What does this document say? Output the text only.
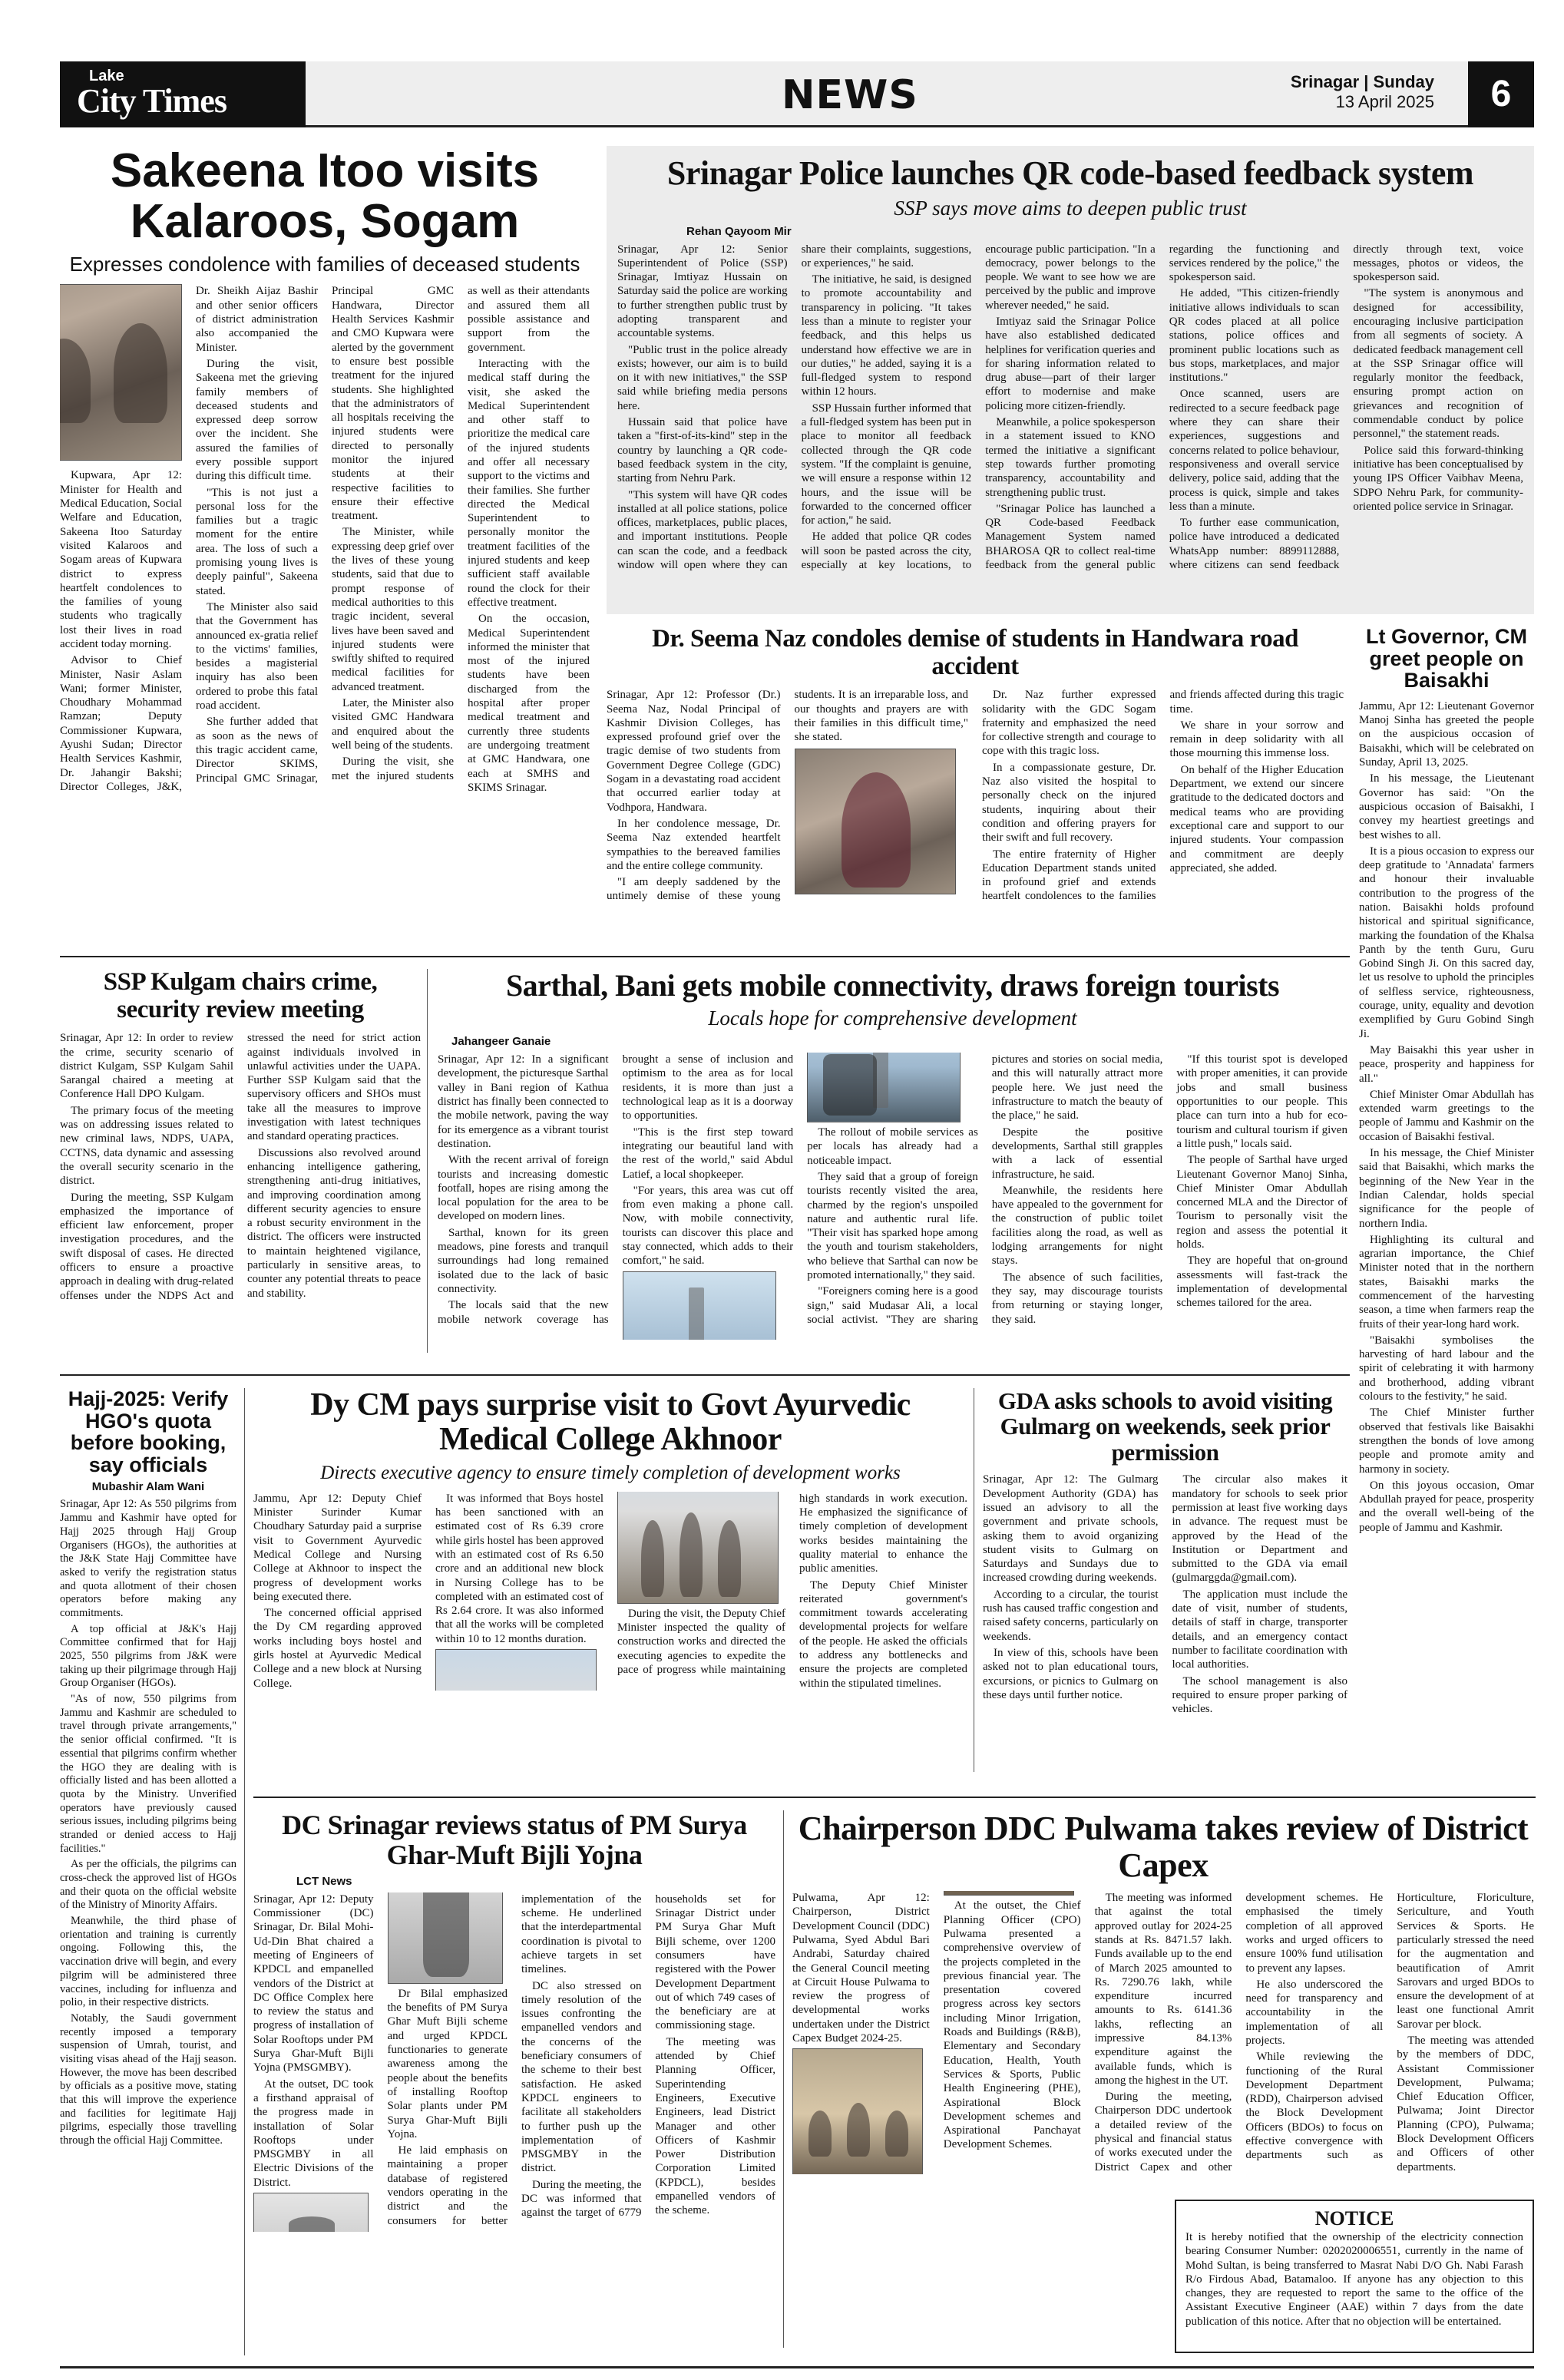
Lake
City Times	NEWS	Srinagar | Sunday
13 April 2025	6
Sakeena Itoo visits Kalaroos, Sogam
Expresses condolence with families of deceased students

Kupwara, Apr 12: Minister for Health and Medical Education, Social Welfare and Education, Sakeena Itoo Saturday visited Kalaroos and Sogam areas of Kupwara district to express heartfelt condolences to the families of young students who tragically lost their lives in road accident today morning.

Advisor to Chief Minister, Nasir Aslam Wani; former Minister, Choudhary Mohammad Ramzan; Deputy Commissioner Kupwara, Ayushi Sudan; Director Health Services Kashmir, Dr. Jahangir Bakshi; Director Colleges, J&K, Dr. Sheikh Aijaz Bashir and other senior officers of district administration also accompanied the Minister.

During the visit, Sakeena met the grieving family members of deceased students and expressed deep sorrow over the incident. She assured the families of every possible support during this difficult time.

"This is not just a personal loss for the families but a tragic moment for the entire area. The loss of such a promising young lives is deeply painful", Sakeena stated.

The Minister also said that the Government has announced ex-gratia relief to the victims' families, besides a magisterial inquiry has also been ordered to probe this fatal road accident.

She further added that as soon as the news of this tragic accident came, Director SKIMS, Principal GMC Srinagar, Principal GMC Handwara, Director Health Services Kashmir and CMO Kupwara were alerted by the government to ensure best possible treatment for the injured students. She highlighted that the administrators of all hospitals receiving the injured students were directed to personally monitor the injured students at their respective facilities to ensure their effective treatment.

The Minister, while expressing deep grief over the lives of these young students, said that due to prompt response of medical authorities to this tragic incident, several lives have been saved and injured students were swiftly shifted to required medical facilities for advanced treatment.

Later, the Minister also visited GMC Handwara and enquired about the well being of the students.

During the visit, she met the injured students as well as their attendants and assured them all possible assistance and support from the government.

Interacting with the medical staff during the visit, she asked the Medical Superintendent and other staff to prioritize the medical care of the injured students and offer all necessary support to the victims and their families. She further directed the Medical Superintendent to personally monitor the treatment facilities of the injured students and keep sufficient staff available round the clock for their effective treatment.

On the occasion, Medical Superintendent informed the minister that most of the injured students have been discharged from the hospital after proper medical treatment and currently three students are undergoing treatment at GMC Handwara, one each at SMHS and SKIMS Srinagar.

Srinagar Police launches QR code-based feedback system
SSP says move aims to deepen public trust
Rehan Qayoom Mir

Srinagar, Apr 12: Senior Superintendent of Police (SSP) Srinagar, Imtiyaz Hussain on Saturday said the police are working to further strengthen public trust by adopting transparent and accountable systems.

"Public trust in the police already exists; however, our aim is to build on it with new initiatives," the SSP said while briefing media persons here.

Hussain said that police have taken a "first-of-its-kind" step in the country by launching a QR code-based feedback system in the city, starting from Nehru Park.

"This system will have QR codes installed at all police stations, police offices, marketplaces, public places, and important institutions. People can scan the code, and a feedback window will open where they can share their complaints, suggestions, or experiences," he said.

The initiative, he said, is designed to promote accountability and transparency in policing. "It takes less than a minute to register your feedback, and this helps us understand how effective we are in our duties," he added, saying it is a full-fledged system to respond within 12 hours.

SSP Hussain further informed that a full-fledged system has been put in place to monitor all feedback collected through the QR code system. "If the complaint is genuine, we will ensure a response within 12 hours, and the issue will be forwarded to the concerned officer for action," he said.

He added that police QR codes will soon be pasted across the city, especially at key locations, to encourage public participation. "In a democracy, power belongs to the people. We want to see how we are perceived by the public and improve wherever needed," he said.

Imtiyaz said the Srinagar Police have also established dedicated helplines for verification queries and for sharing information related to drug abuse—part of their larger effort to modernise and make policing more citizen-friendly.

Meanwhile, a police spokesperson in a statement issued to KNO termed the initiative a significant step towards further promoting transparency, accountability and strengthening public trust.

"Srinagar Police has launched a QR Code-based Feedback Management System named BHAROSA QR to collect real-time feedback from the general public regarding the functioning and services rendered by the police," the spokesperson said.

He added, "This citizen-friendly initiative allows individuals to scan QR codes placed at all police stations, police offices and prominent public locations such as bus stops, marketplaces, and major institutions."

Once scanned, users are redirected to a secure feedback page where they can share their experiences, suggestions and concerns related to police behaviour, responsiveness and overall service delivery, police said, adding that the process is quick, simple and takes less than a minute.

To further ease communication, police have introduced a dedicated WhatsApp number: 8899112888, where citizens can send feedback directly through text, voice messages, photos or videos, the spokesperson said.

"The system is anonymous and designed for accessibility, encouraging inclusive participation from all segments of society. A dedicated feedback management cell at the SSP Srinagar office will regularly monitor the feedback, ensuring prompt action on grievances and recognition of commendable conduct by police personnel," the statement reads.

Police said this forward-thinking initiative has been conceptualised by young IPS Officer Vaibhav Meena, SDPO Nehru Park, for community-oriented police service in Srinagar.

Dr. Seema Naz condoles demise of students in Handwara road accident

Srinagar, Apr 12: Professor (Dr.) Seema Naz, Nodal Principal of Kashmir Division Colleges, has expressed profound grief over the tragic demise of two students from Government Degree College (GDC) Sogam in a devastating road accident that occurred earlier today at Vodhpora, Handwara.

In her condolence message, Dr. Seema Naz extended heartfelt sympathies to the bereaved families and the entire college community.

"I am deeply saddened by the untimely demise of these young students. It is an irreparable loss, and our thoughts and prayers are with their families in this difficult time," she stated.

Dr. Naz further expressed solidarity with the GDC Sogam fraternity and emphasized the need for collective strength and courage to cope with this tragic loss.

In a compassionate gesture, Dr. Naz also visited the hospital to personally check on the injured students, inquiring about their condition and offering prayers for their swift and full recovery.

The entire fraternity of Higher Education Department stands united in profound grief and extends heartfelt condolences to the families and friends affected during this tragic time.

We share in your sorrow and remain in deep solidarity with all those mourning this immense loss.

On behalf of the Higher Education Department, we extend our sincere gratitude to the dedicated doctors and medical teams who are providing exceptional care and support to our injured students. Your compassion and commitment are deeply appreciated, she added.

Lt Governor, CM greet people on Baisakhi

Jammu, Apr 12: Lieutenant Governor Manoj Sinha has greeted the people on the auspicious occasion of Baisakhi, which will be celebrated on Sunday, April 13, 2025.

In his message, the Lieutenant Governor has said: "On the auspicious occasion of Baisakhi, I convey my heartiest greetings and best wishes to all.

It is a pious occasion to express our deep gratitude to 'Annadata' farmers and honour their invaluable contribution to the progress of the nation. Baisakhi holds profound historical and spiritual significance, marking the foundation of the Khalsa Panth by the tenth Guru, Guru Gobind Singh Ji. On this sacred day, let us resolve to uphold the principles of selfless service, righteousness, courage, unity, equality and devotion exemplified by Guru Gobind Singh Ji.

May Baisakhi this year usher in peace, prosperity and happiness for all."

Chief Minister Omar Abdullah has extended warm greetings to the people of Jammu and Kashmir on the occasion of Baisakhi festival.

In his message, the Chief Minister said that Baisakhi, which marks the beginning of the New Year in the Indian Calendar, holds special significance for the people of northern India.

Highlighting its cultural and agrarian importance, the Chief Minister noted that in the northern states, Baisakhi marks the commencement of the harvesting season, a time when farmers reap the fruits of their year-long hard work.

"Baisakhi symbolises the harvesting of hard labour and the spirit of celebrating it with harmony and brotherhood, adding vibrant colours to the festivity," he said.

The Chief Minister further observed that festivals like Baisakhi strengthen the bonds of love among people and promote amity and harmony in society.

On this joyous occasion, Omar Abdullah prayed for peace, prosperity and the overall well-being of the people of Jammu and Kashmir.

SSP Kulgam chairs crime, security review meeting

Srinagar, Apr 12: In order to review the crime, security scenario of district Kulgam, SSP Kulgam Sahil Sarangal chaired a meeting at Conference Hall DPO Kulgam.

The primary focus of the meeting was on addressing issues related to new criminal laws, NDPS, UAPA, CCTNS, data dynamic and assessing the overall security scenario in the district.

During the meeting, SSP Kulgam emphasized the importance of efficient law enforcement, proper investigation procedures, and the swift disposal of cases. He directed officers to ensure a proactive approach in dealing with drug-related offenses under the NDPS Act and stressed the need for strict action against individuals involved in unlawful activities under the UAPA. Further SSP Kulgam said that the supervisory officers and SHOs must take all the measures to improve investigation with latest techniques and standard operating practices.

Discussions also revolved around enhancing intelligence gathering, strengthening anti-drug initiatives, and improving coordination among different security agencies to ensure a robust security environment in the district. The officers were instructed to maintain heightened vigilance, particularly in sensitive areas, to counter any potential threats to peace and stability.

Sarthal, Bani gets mobile connectivity, draws foreign tourists
Locals hope for comprehensive development
Jahangeer Ganaie

Srinagar, Apr 12: In a significant development, the picturesque Sarthal valley in Bani region of Kathua district has finally been connected to the mobile network, paving the way for its emergence as a vibrant tourist destination.

With the recent arrival of foreign tourists and increasing domestic footfall, hopes are rising among the local population for the area to be developed on modern lines.

Sarthal, known for its green meadows, pine forests and tranquil surroundings had long remained isolated due to the lack of basic connectivity.

The locals said that the new mobile network coverage has brought a sense of inclusion and optimism to the area as for local residents, it is more than just a technological leap as it is a doorway to opportunities.

"This is the first step toward integrating our beautiful land with the rest of the world," said Abdul Latief, a local shopkeeper.

"For years, this area was cut off from even making a phone call. Now, with mobile connectivity, tourists can discover this place and stay connected, which adds to their comfort," he said.

The rollout of mobile services as per locals has already had a noticeable impact.

They said that a group of foreign tourists recently visited the area, charmed by the region's unspoiled nature and authentic rural life. "Their visit has sparked hope among the youth and tourism stakeholders, who believe that Sarthal can now be promoted internationally," they said.

"Foreigners coming here is a good sign," said Mudasar Ali, a local social activist. "They are sharing pictures and stories on social media, and this will naturally attract more people here. We just need the infrastructure to match the beauty of the place," he said.

Despite the positive developments, Sarthal still grapples with a lack of essential infrastructure, he said.

Meanwhile, the residents here have appealed to the government for the construction of public toilet facilities along the road, as well as lodging arrangements for night stays.

The absence of such facilities, they say, may discourage tourists from returning or staying longer, they said.

"If this tourist spot is developed with proper amenities, it can provide jobs and small business opportunities to our people. This place can turn into a hub for eco-tourism and cultural tourism if given a little push," locals said.

The people of Sarthal have urged Lieutenant Governor Manoj Sinha, Chief Minister Omar Abdullah concerned MLA and the Director of Tourism to personally visit the region and assess the potential it holds.

They are hopeful that on-ground assessments will fast-track the implementation of developmental schemes tailored for the area.

Hajj-2025: Verify HGO's quota before booking, say officials
Mubashir Alam Wani

Srinagar, Apr 12: As 550 pilgrims from Jammu and Kashmir have opted for Hajj 2025 through Hajj Group Organisers (HGOs), the authorities at the J&K State Hajj Committee have asked to verify the registration status and quota allotment of their chosen operators before making any commitments.

A top official at J&K's Hajj Committee confirmed that for Hajj 2025, 550 pilgrims from J&K were taking up their pilgrimage through Hajj Group Organiser (HGOs).

"As of now, 550 pilgrims from Jammu and Kashmir are scheduled to travel through private arrangements," the senior official confirmed. "It is essential that pilgrims confirm whether the HGO they are dealing with is officially listed and has been allotted a quota by the Ministry. Unverified operators have previously caused serious issues, including pilgrims being stranded or denied access to Hajj facilities."

As per the officials, the pilgrims can cross-check the approved list of HGOs and their quota on the official website of the Ministry of Minority Affairs.

Meanwhile, the third phase of orientation and training is currently ongoing. Following this, the vaccination drive will begin, and every pilgrim will be administered three vaccines, including for influenza and polio, in their respective districts.

Notably, the Saudi government recently imposed a temporary suspension of Umrah, tourist, and visiting visas ahead of the Hajj season. However, the move has been described by officials as a positive move, stating that this will improve the experience and facilities for legitimate Hajj pilgrims, especially those travelling through the official Hajj Committee.

Dy CM pays surprise visit to Govt Ayurvedic Medical College Akhnoor
Directs executive agency to ensure timely completion of development works

Jammu, Apr 12: Deputy Chief Minister Surinder Kumar Choudhary Saturday paid a surprise visit to Government Ayurvedic Medical College and Nursing College at Akhnoor to inspect the progress of development works being executed there.

The concerned official apprised the Dy CM regarding approved works including boys hostel and girls hostel at Ayurvedic Medical College and a new block at Nursing College.

It was informed that Boys hostel has been sanctioned with an estimated cost of Rs 6.39 crore while girls hostel has been approved with an estimated cost of Rs 6.50 crore and an additional new block in Nursing College has to be completed with an estimated cost of Rs 2.64 crore. It was also informed that all the works will be completed within 10 to 12 months duration.

During the visit, the Deputy Chief Minister inspected the quality of construction works and directed the executing agencies to expedite the pace of progress while maintaining high standards in work execution. He emphasized the significance of timely completion of development works besides maintaining the quality material to enhance the public amenities.

The Deputy Chief Minister reiterated government's commitment towards accelerating developmental projects for welfare of the people. He asked the officials to address any bottlenecks and ensure the projects are completed within the stipulated timelines.

GDA asks schools to avoid visiting Gulmarg on weekends, seek prior permission

Srinagar, Apr 12: The Gulmarg Development Authority (GDA) has issued an advisory to all the government and private schools, asking them to avoid organizing student visits to Gulmarg on Saturdays and Sundays due to increased crowding during weekends.

According to a circular, the tourist rush has caused traffic congestion and raised safety concerns, particularly on weekends.

In view of this, schools have been asked not to plan educational tours, excursions, or picnics to Gulmarg on these days until further notice.

The circular also makes it mandatory for schools to seek prior permission at least five working days in advance. The request must be approved by the Head of the Institution or Department and submitted to the GDA via email (gulmarggda@gmail.com).

The application must include the date of visit, number of students, details of staff in charge, transporter details, and an emergency contact number to facilitate coordination with local authorities.

The school management is also required to ensure proper parking of vehicles.

DC Srinagar reviews status of PM Surya Ghar-Muft Bijli Yojna
LCT News

Srinagar, Apr 12: Deputy Commissioner (DC) Srinagar, Dr. Bilal Mohi-Ud-Din Bhat chaired a meeting of Engineers of KPDCL and empanelled vendors of the District at DC Office Complex here to review the status and progress of installation of Solar Rooftops under PM Surya Ghar-Muft Bijli Yojna (PMSGMBY).

At the outset, DC took a firsthand appraisal of the progress made in installation of Solar Rooftops under PMSGMBY in all Electric Divisions of the District.

Dr Bilal emphasized the benefits of PM Surya Ghar Muft Bijli scheme and urged KPDCL functionaries to generate awareness among the people about the benefits of installing Rooftop Solar plants under PM Surya Ghar-Muft Bijli Yojna.

He laid emphasis on maintaining a proper database of registered vendors operating in the district and the consumers for better implementation of the scheme. He underlined that the interdepartmental coordination is pivotal to achieve targets in set timelines.

DC also stressed on timely resolution of the issues confronting the empanelled vendors and the concerns of the beneficiary consumers of the scheme to their best satisfaction. He asked KPDCL engineers to facilitate all stakeholders to further push up the implementation of PMSGMBY in the district.

During the meeting, the DC was informed that against the target of 6779 households set for Srinagar District under PM Surya Ghar Muft Bijli scheme, over 1200 consumers have registered with the Power Development Department out of which 749 cases of the beneficiary are at commissioning stage.

The meeting was attended by Chief Planning Officer, Superintending Engineers, Executive Engineers, lead District Manager and other Officers of Kashmir Power Distribution Corporation Limited (KPDCL), besides empanelled vendors of the scheme.

Chairperson DDC Pulwama takes review of District Capex

Pulwama, Apr 12: Chairperson, District Development Council (DDC) Pulwama, Syed Abdul Bari Andrabi, Saturday chaired the General Council meeting at Circuit House Pulwama to review the progress of developmental works undertaken under the District Capex Budget 2024-25.

At the outset, the Chief Planning Officer (CPO) Pulwama presented a comprehensive overview of the projects completed in the previous financial year. The presentation covered progress across key sectors including Minor Irrigation, Roads and Buildings (R&B), Elementary and Secondary Education, Health, Youth Services & Sports, Public Health Engineering (PHE), Aspirational Block Development schemes and Aspirational Panchayat Development Schemes.

The meeting was informed that against the total approved outlay for 2024-25 stands at Rs. 8471.57 lakh. Funds available up to the end of March 2025 amounted to Rs. 7290.76 lakh, while expenditure incurred amounts to Rs. 6141.36 lakhs, reflecting an impressive 84.13% expenditure against the available funds, which is among the highest in the UT.

During the meeting, Chairperson DDC undertook a detailed review of the physical and financial status of works executed under the District Capex and other development schemes. He emphasised the timely completion of all approved works and urged officers to ensure 100% fund utilisation to prevent any lapses.

He also underscored the need for transparency and accountability in the implementation of all projects.

While reviewing the functioning of the Rural Development Department (RDD), Chairperson advised the Block Development Officers (BDOs) to focus on effective convergence with departments such as Horticulture, Floriculture, Sericulture, and Youth Services & Sports. He particularly stressed the need for the augmentation and beautification of Amrit Sarovars and urged BDOs to ensure the development of at least one functional Amrit Sarovar per block.

The meeting was attended by the members of DDC, Assistant Commissioner Development, Pulwama; Chief Education Officer, Pulwama; Joint Director Planning (CPO), Pulwama; Block Development Officers and Officers of other departments.

NOTICE
It is hereby notified that the ownership of the electricity connection bearing Consumer Number: 0202020006551, currently in the name of Mohd Sultan, is being transferred to Masrat Nabi D/O Gh. Nabi Farash R/o Firdous Abad, Batamaloo. If anyone has any objection to this changes, they are requested to report the same to the office of the Assistant Executive Engineer (AAE) within 7 days from the date publication of this notice. After that no objection will be entertained.
